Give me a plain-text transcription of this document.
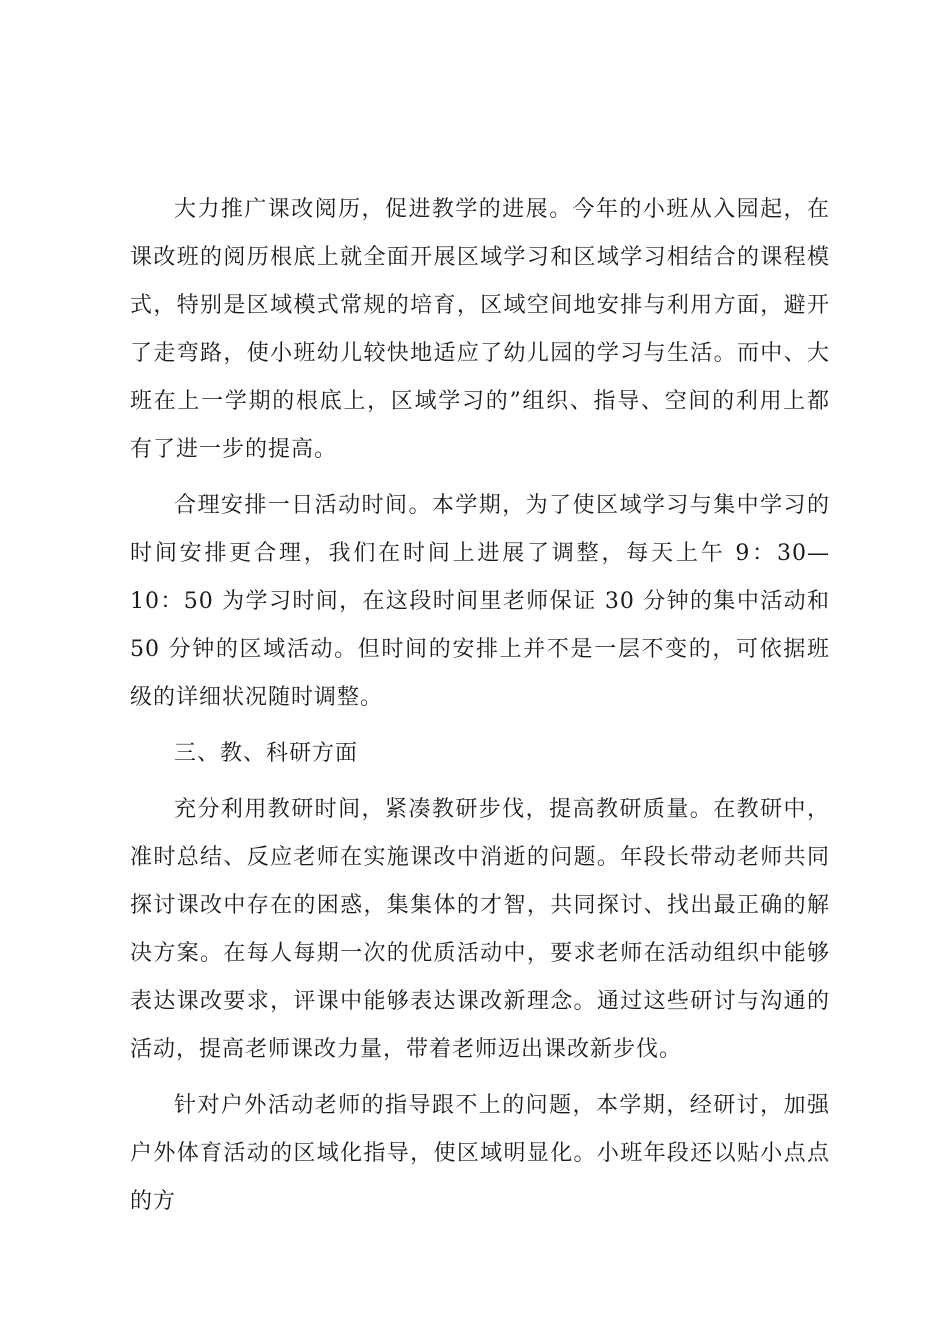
大力推广课改阅历，促进教学的进展。今年的小班从入园起，在课改班的阅历根底上就全面开展区域学习和区域学习相结合的课程模式，特别是区域模式常规的培育，区域空间地安排与利用方面，避开了走弯路，使小班幼儿较快地适应了幼儿园的学习与生活。而中、大班在上一学期的根底上，区域学习的”组织、指导、空间的利用上都有了进一步的提高。

合理安排一日活动时间。本学期，为了使区域学习与集中学习的时间安排更合理，我们在时间上进展了调整，每天上午 9：30—10：50 为学习时间，在这段时间里老师保证 30 分钟的集中活动和 50 分钟的区域活动。但时间的安排上并不是一层不变的，可依据班级的详细状况随时调整。

三、教、科研方面

充分利用教研时间，紧凑教研步伐，提高教研质量。在教研中，准时总结、反应老师在实施课改中消逝的问题。年段长带动老师共同探讨课改中存在的困惑，集集体的才智，共同探讨、找出最正确的解决方案。在每人每期一次的优质活动中，要求老师在活动组织中能够表达课改要求，评课中能够表达课改新理念。通过这些研讨与沟通的活动，提高老师课改力量，带着老师迈出课改新步伐。

针对户外活动老师的指导跟不上的问题，本学期，经研讨，加强户外体育活动的区域化指导，使区域明显化。小班年段还以贴小点点的方
